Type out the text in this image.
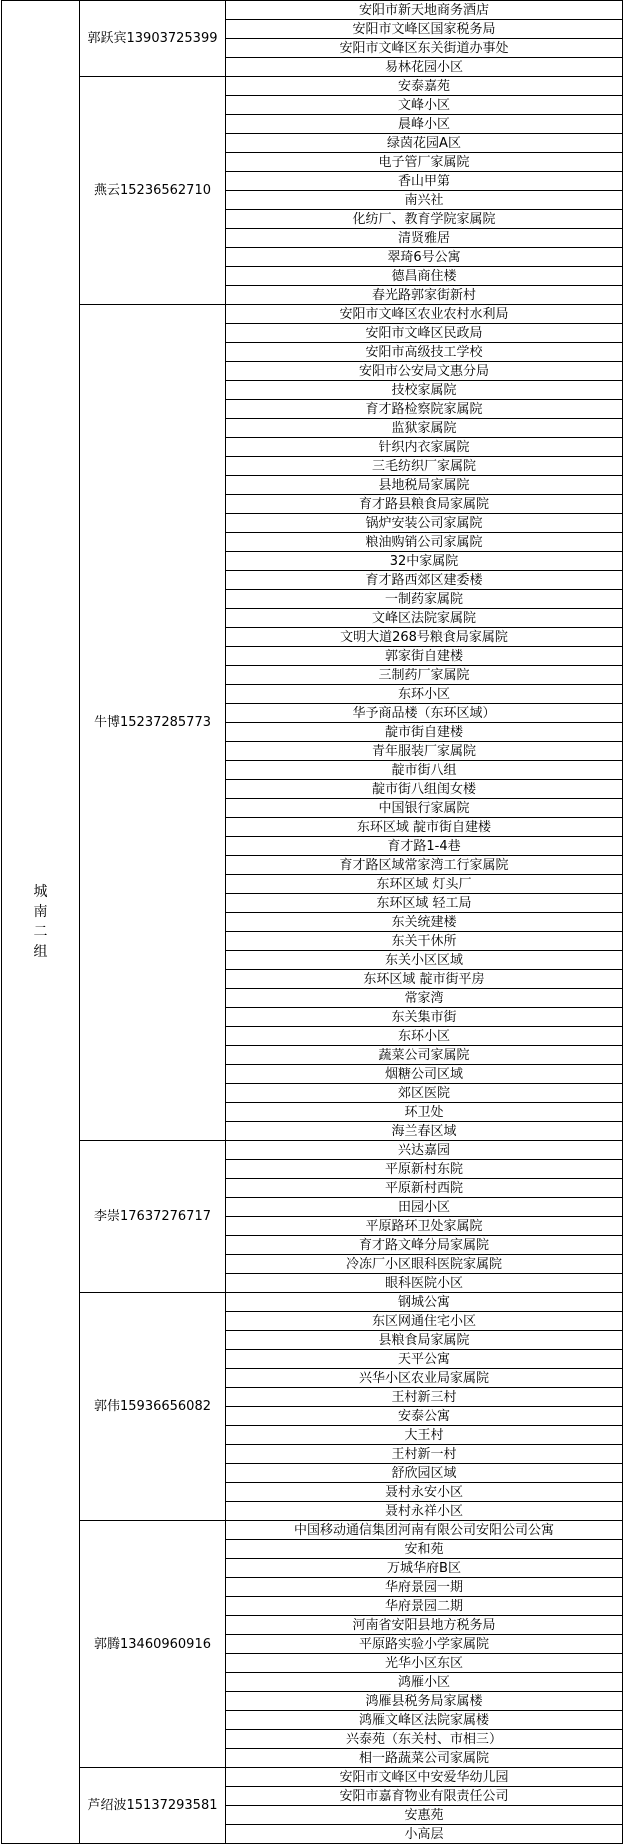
城南二组	郭跃宾13903725399	安阳市新天地商务酒店
		安阳市文峰区国家税务局
		安阳市文峰区东关街道办事处
		易林花园小区
	燕云15236562710	安泰嘉苑
		文峰小区
		晨峰小区
		绿茵花园A区
		电子管厂家属院
		香山甲第
		南兴社
		化纺厂、教育学院家属院
		清贤雅居
		翠琦6号公寓
		德昌商住楼
		春光路郭家街新村
	牛博15237285773	安阳市文峰区农业农村水利局
		安阳市文峰区民政局
		安阳市高级技工学校
		安阳市公安局文惠分局
		技校家属院
		育才路检察院家属院
		监狱家属院
		针织内衣家属院
		三毛纺织厂家属院
		县地税局家属院
		育才路县粮食局家属院
		锅炉安装公司家属院
		粮油购销公司家属院
		32中家属院
		育才路西郊区建委楼
		一制药家属院
		文峰区法院家属院
		文明大道268号粮食局家属院
		郭家街自建楼
		三制药厂家属院
		东环小区
		华予商品楼（东环区域）
		靛市街自建楼
		青年服装厂家属院
		靛市街八组
		靛市街八组闺女楼
		中国银行家属院
		东环区域 靛市街自建楼
		育才路1-4巷
		育才路区域常家湾工行家属院
		东环区域 灯头厂
		东环区域 轻工局
		东关统建楼
		东关干休所
		东关小区区域
		东环区域 靛市街平房
		常家湾
		东关集市街
		东环小区
		蔬菜公司家属院
		烟糖公司区域
		郊区医院
		环卫处
		海兰春区域
	李崇17637276717	兴达嘉园
		平原新村东院
		平原新村西院
		田园小区
		平原路环卫处家属院
		育才路文峰分局家属院
		冷冻厂小区眼科医院家属院
		眼科医院小区
	郭伟15936656082	钢城公寓
		东区网通住宅小区
		县粮食局家属院
		天平公寓
		兴华小区农业局家属院
		王村新三村
		安泰公寓
		大王村
		王村新一村
		舒欣园区域
		聂村永安小区
		聂村永祥小区
	郭腾13460960916	中国移动通信集团河南有限公司安阳公司公寓
		安和苑
		万城华府B区
		华府景园一期
		华府景园二期
		河南省安阳县地方税务局
		平原路实验小学家属院
		光华小区东区
		鸿雁小区
		鸿雁县税务局家属楼
		鸿雁文峰区法院家属楼
		兴泰苑（东关村、市相三）
		相一路蔬菜公司家属院
	芦绍波15137293581	安阳市文峰区中安爱华幼儿园
		安阳市嘉育物业有限责任公司
		安惠苑
		小高层
